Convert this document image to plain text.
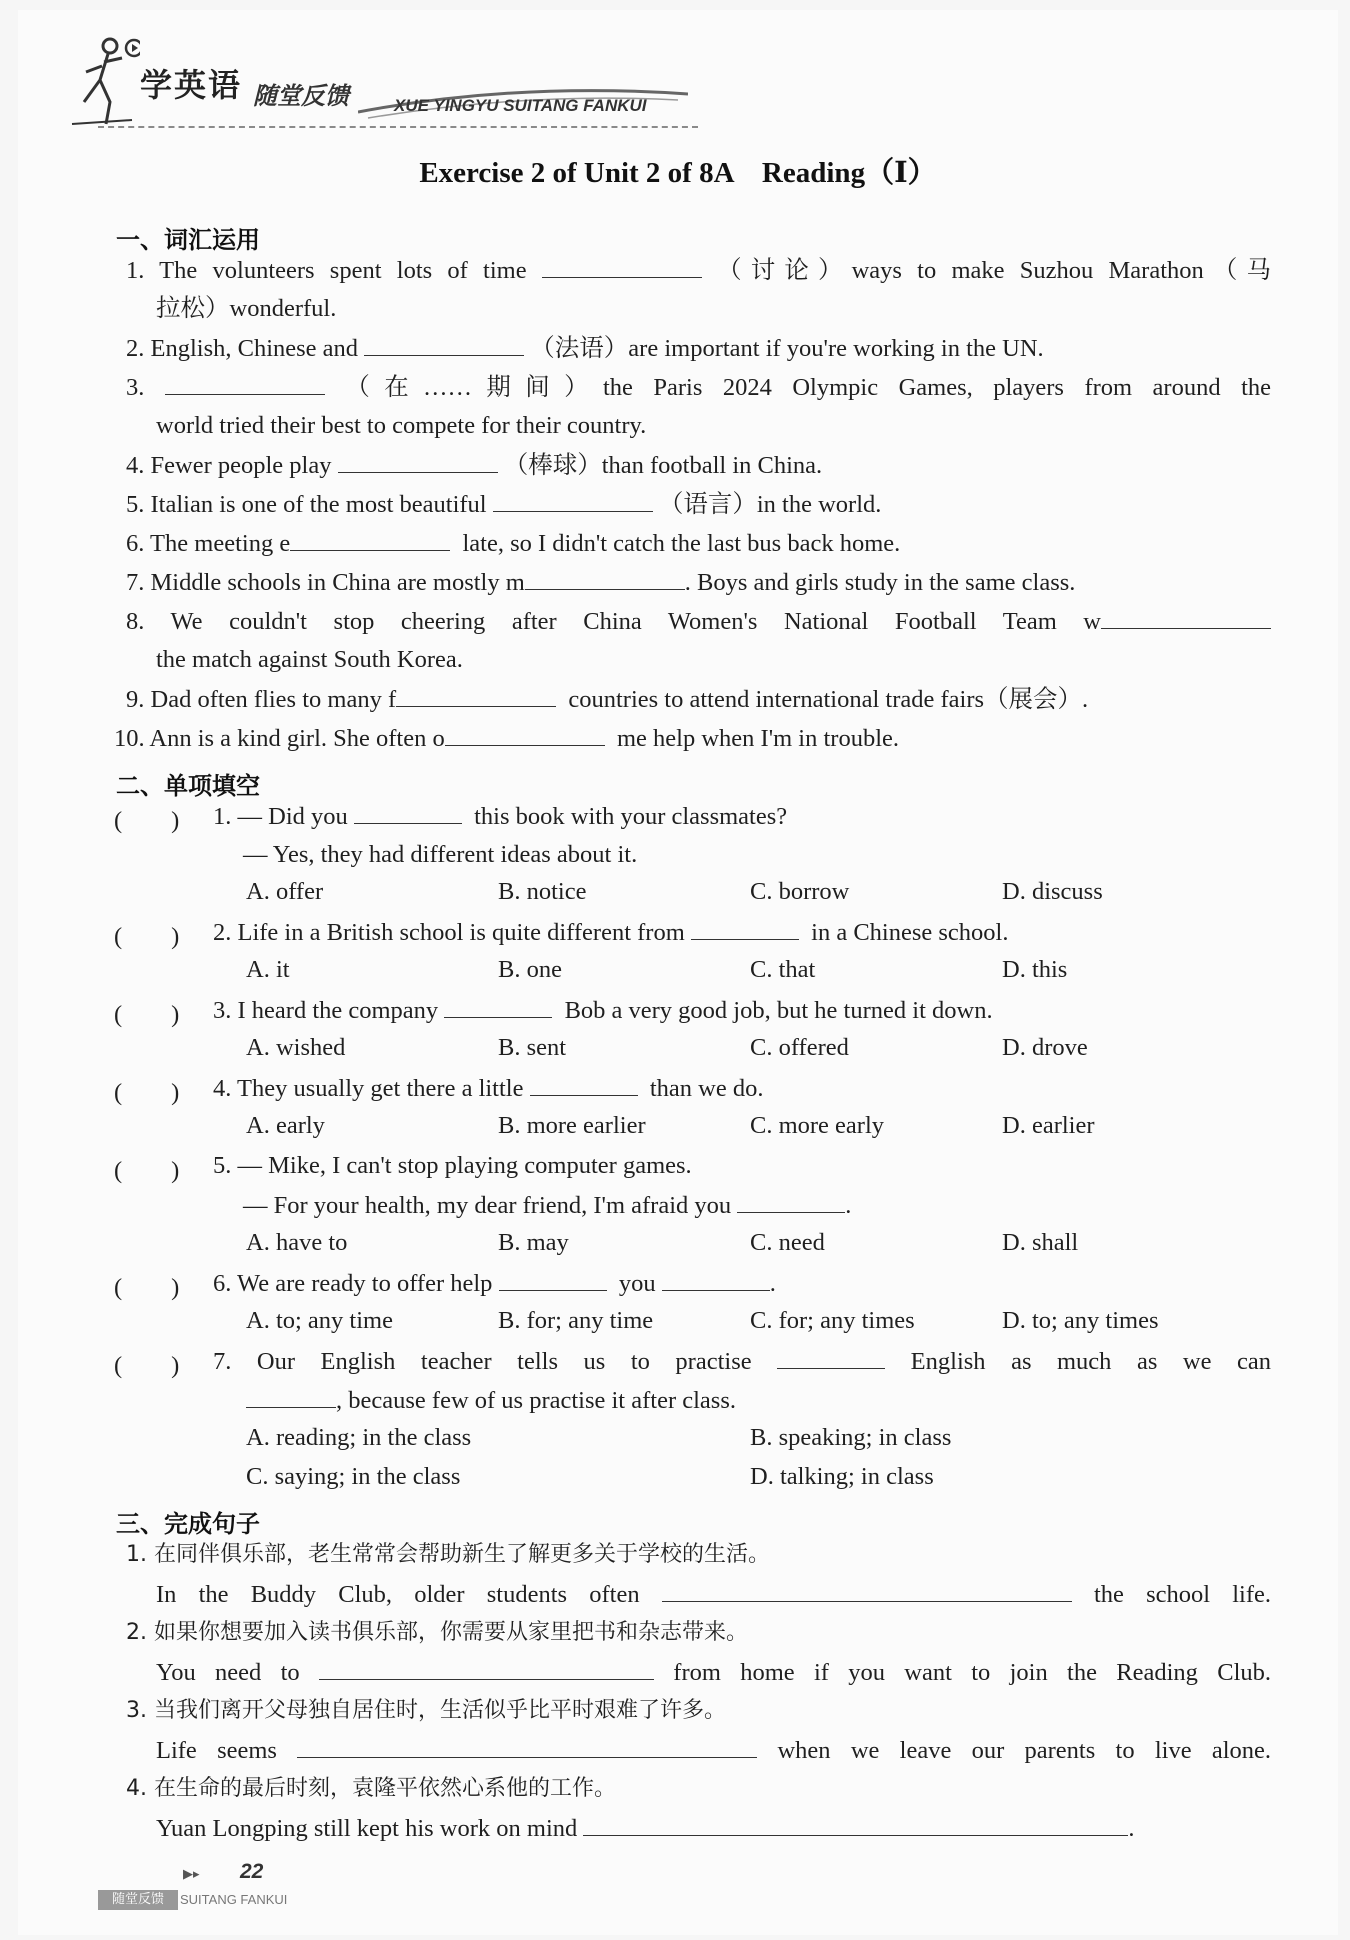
学英语 随堂反馈	XUE YINGYU SUITANG FANKUI
Exercise 2 of Unit 2 of 8A　Reading（Ⅰ）
一、词汇运用
1. The volunteers spent lots of time	（讨论）ways to make Suzhou Marathon（马
拉松）wonderful.
2. English, Chinese and	（法语）are important if you're working in the UN.
3.	（在……期间）the Paris 2024 Olympic Games, players from around the
world tried their best to compete for their country.
4. Fewer people play	（棒球）than football in China.
5. Italian is one of the most beautiful	（语言）in the world.
6. The meeting e	late, so I didn't catch the last bus back home.
7. Middle schools in China are mostly m	. Boys and girls study in the same class.
8. We couldn't stop cheering after China Women's National Football Team w
the match against South Korea.
9. Dad often flies to many f	countries to attend international trade fairs（展会）.
10. Ann is a kind girl. She often o	me help when I'm in trouble.
二、单项填空
(　　) 1. — Did you	this book with your classmates?
— Yes, they had different ideas about it.
A. offer	B. notice	C. borrow	D. discuss
(　　) 2. Life in a British school is quite different from	in a Chinese school.
A. it	B. one	C. that	D. this
(　　) 3. I heard the company	Bob a very good job, but he turned it down.
A. wished	B. sent	C. offered	D. drove
(　　) 4. They usually get there a little	than we do.
A. early	B. more earlier	C. more early	D. earlier
(　　) 5. — Mike, I can't stop playing computer games.
— For your health, my dear friend, I'm afraid you	.
A. have to	B. may	C. need	D. shall
(　　) 6. We are ready to offer help	you	.
A. to; any time	B. for; any time	C. for; any times	D. to; any times
(　　) 7. Our English teacher tells us to practise	English as much as we can
, because few of us practise it after class.
A. reading; in the class	B. speaking; in class
C. saying; in the class	D. talking; in class
三、完成句子
1. 在同伴俱乐部，老生常常会帮助新生了解更多关于学校的生活。
In the Buddy Club, older students often	the school life.
2. 如果你想要加入读书俱乐部，你需要从家里把书和杂志带来。
You need to	from home if you want to join the Reading Club.
3. 当我们离开父母独自居住时，生活似乎比平时艰难了许多。
Life seems	when we leave our parents to live alone.
4. 在生命的最后时刻，袁隆平依然心系他的工作。
Yuan Longping still kept his work on mind	.
▶▸ 22
随堂反馈	SUITANG FANKUI
